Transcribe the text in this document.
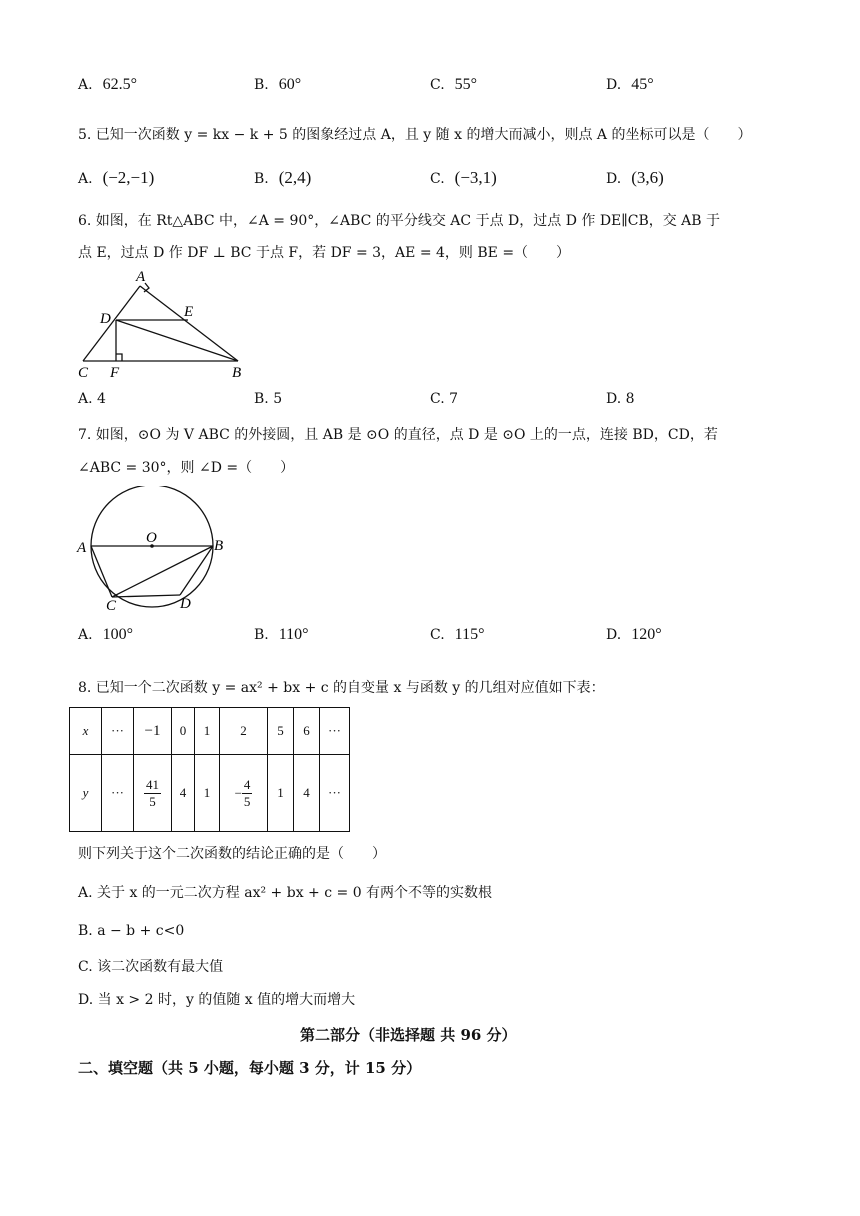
A. 62.5°	B. 60°	C. 55°	D. 45°
5. 已知一次函数 y = kx − k + 5 的图象经过点 A，且 y 随 x 的增大而减小，则点 A 的坐标可以是（　　）
A. (−2,−1)	B. (2,4)	C. (−3,1)	D. (3,6)
6. 如图，在 Rt△ABC 中，∠A = 90°，∠ABC 的平分线交 AC 于点 D，过点 D 作 DE∥CB，交 AB 于
点 E，过点 D 作 DF ⊥ BC 于点 F，若 DF = 3，AE = 4，则 BE =（　　）
A
D	E
C F	B
A. 4	B. 5	C. 7	D. 8
7. 如图，⊙O 为 V ABC 的外接圆，且 AB 是 ⊙O 的直径，点 D 是 ⊙O 上的一点，连接 BD，CD，若
∠ABC = 30°，则 ∠D =（　　）
O
A	B
C	D
A. 100°	B. 110°	C. 115°	D. 120°
8. 已知一个二次函数 y = ax² + bx + c 的自变量 x 与函数 y 的几组对应值如下表：
x	···	−1	0	1	2	5	6	···
y	···	$\frac{41}{5}$	4	1	− $\frac{4}{5}$	1	4	···
则下列关于这个二次函数的结论正确的是（　　）
A. 关于 x 的一元二次方程 ax² + bx + c = 0 有两个不等的实数根
B. a − b + c<0
C. 该二次函数有最大值
D. 当 x > 2 时，y 的值随 x 值的增大而增大
第二部分（非选择题 共 96 分）
二、填空题（共 5 小题，每小题 3 分，计 15 分）
